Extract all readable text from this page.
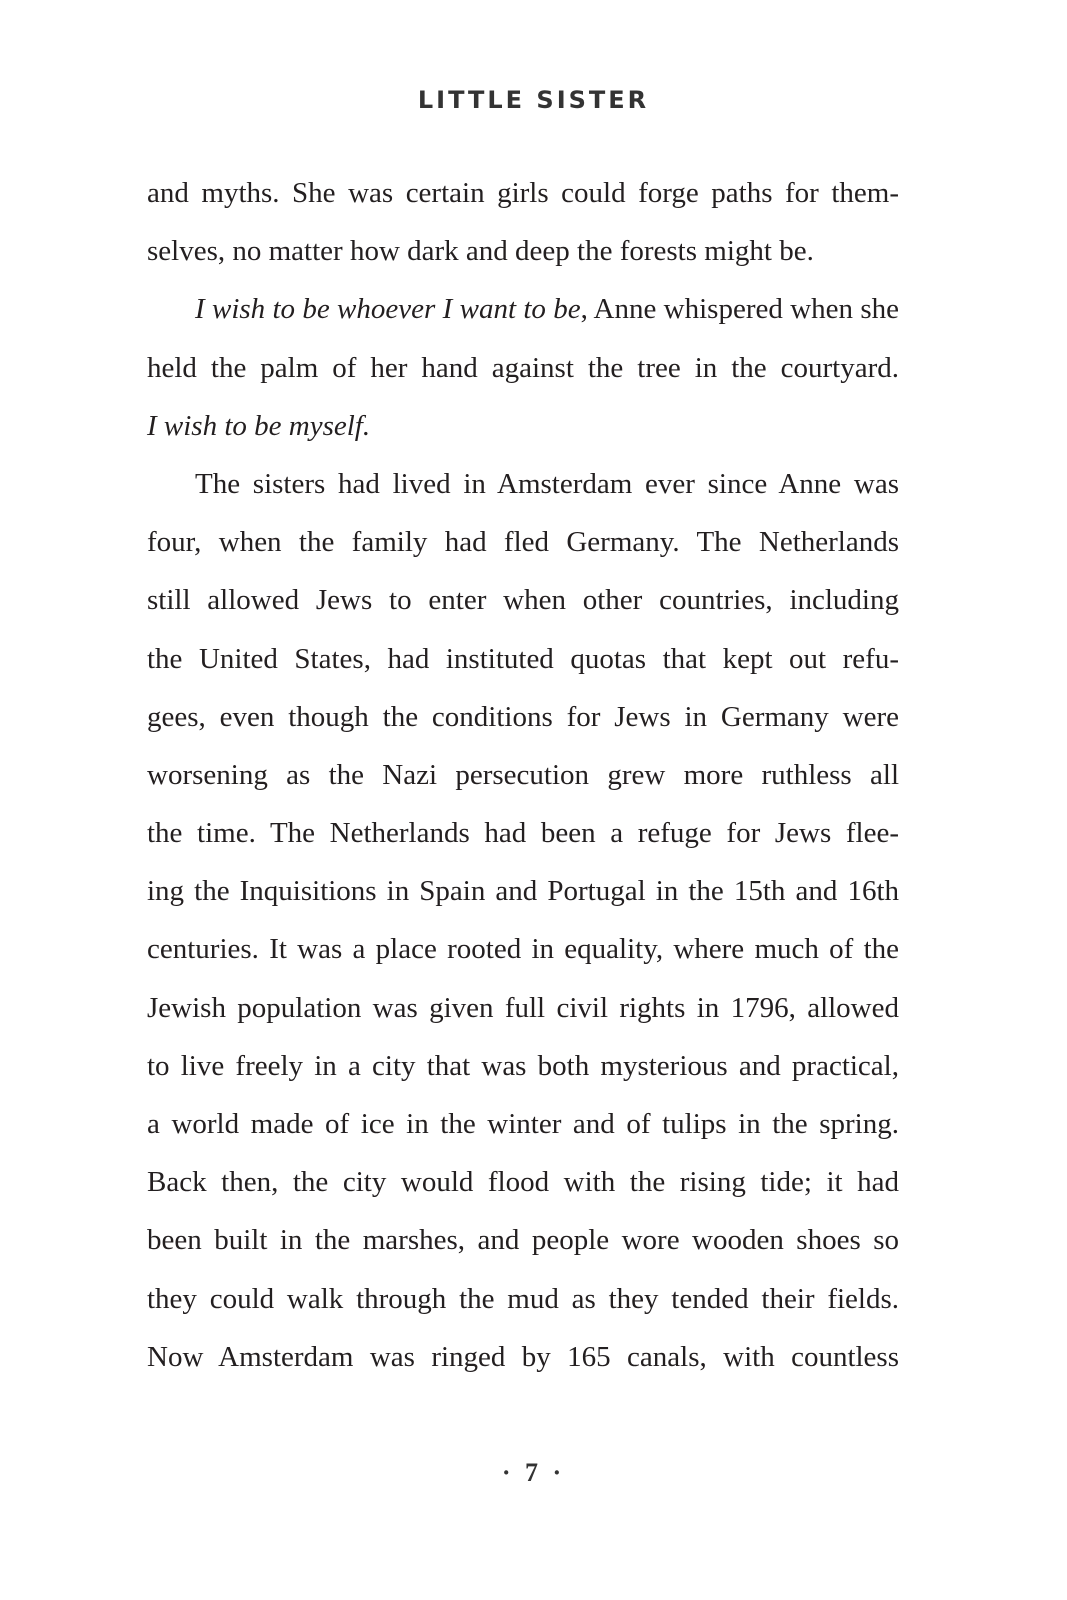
LITTLE SISTER
and myths. She was certain girls could forge paths for them-
selves, no matter how dark and deep the forests might be.
I wish to be whoever I want to be, Anne whispered when she
held the palm of her hand against the tree in the courtyard.
I wish to be myself.
The sisters had lived in Amsterdam ever since Anne was
four, when the family had fled Germany. The Netherlands
still allowed Jews to enter when other countries, including
the United States, had instituted quotas that kept out refu-
gees, even though the conditions for Jews in Germany were
worsening as the Nazi persecution grew more ruthless all
the time. The Netherlands had been a refuge for Jews flee-
ing the Inquisitions in Spain and Portugal in the 15th and 16th
centuries. It was a place rooted in equality, where much of the
Jewish population was given full civil rights in 1796, allowed
to live freely in a city that was both mysterious and practical,
a world made of ice in the winter and of tulips in the spring.
Back then, the city would flood with the rising tide; it had
been built in the marshes, and people wore wooden shoes so
they could walk through the mud as they tended their fields.
Now Amsterdam was ringed by 165 canals, with countless
· 7 ·
